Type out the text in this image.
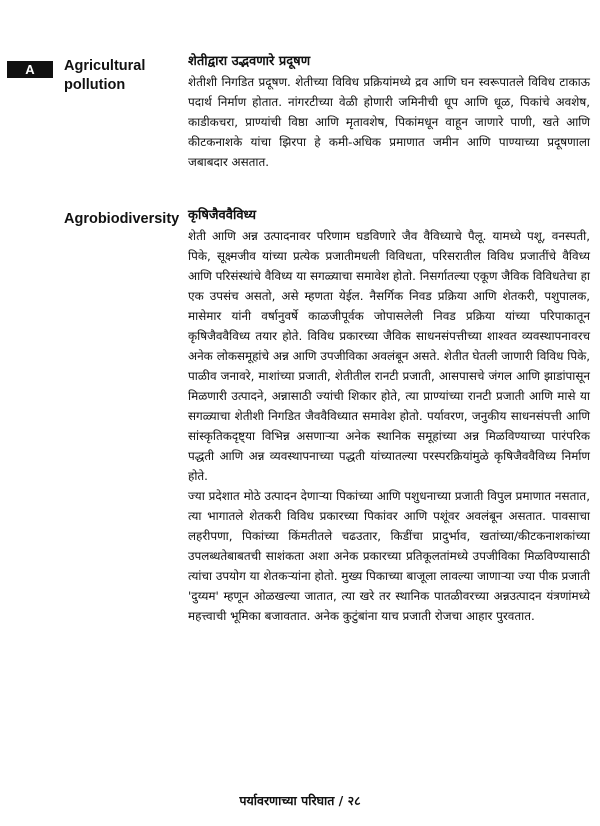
A	Agricultural pollution

शेतीद्वारा उद्भवणारे प्रदूषण

शेतीशी निगडित प्रदूषण. शेतीच्या विविध प्रक्रियांमध्ये द्रव आणि घन स्वरूपातले विविध टाकाऊ पदार्थ निर्माण होतात. नांगरटीच्या वेळी होणारी जमिनीची धूप आणि धूळ, पिकांचे अवशेष, काडीकचरा, प्राण्यांची विष्ठा आणि मृतावशेष, पिकांमधून वाहून जाणारे पाणी, खते आणि कीटकनाशके यांचा झिरपा हे कमी-अधिक प्रमाणात जमीन आणि पाण्याच्या प्रदूषणाला जबाबदार असतात.

Agrobiodiversity कृषिजैववैविध्य

शेती आणि अन्न उत्पादनावर परिणाम घडविणारे जैव वैविध्याचे पैलू. यामध्ये पशू, वनस्पती, पिके, सूक्ष्मजीव यांच्या प्रत्येक प्रजातीमधली विविधता, परिसरातील विविध प्रजातींचे वैविध्य आणि परिसंस्थांचे वैविध्य या सगळ्याचा समावेश होतो. निसर्गातल्या एकूण जैविक विविधतेचा हा एक उपसंच असतो, असे म्हणता येईल. नैसर्गिक निवड प्रक्रिया आणि शेतकरी, पशुपालक, मासेमार यांनी वर्षानुवर्षे काळजीपूर्वक जोपासलेली निवड प्रक्रिया यांच्या परिपाकातून कृषिजैववैविध्य तयार होते. विविध प्रकारच्या जैविक साधनसंपत्तीच्या शाश्वत व्यवस्थापनावरच अनेक लोकसमूहांचे अन्न आणि उपजीविका अवलंबून असते. शेतीत घेतली जाणारी विविध पिके, पाळीव जनावरे, माशांच्या प्रजाती, शेतीतील रानटी प्रजाती, आसपासचे जंगल आणि झाडांपासून मिळणारी उत्पादने, अन्नासाठी ज्यांची शिकार होते, त्या प्राण्यांच्या रानटी प्रजाती आणि मासे या सगळ्याचा शेतीशी निगडित जैववैविध्यात समावेश होतो. पर्यावरण, जनुकीय साधनसंपत्ती आणि सांस्कृतिकदृष्ट्या विभिन्न असणाऱ्या अनेक स्थानिक समूहांच्या अन्न मिळविण्याच्या पारंपरिक पद्धती आणि अन्न व्यवस्थापनाच्या पद्धती यांच्यातल्या परस्परक्रियांमुळे कृषिजैववैविध्य निर्माण होते.

ज्या प्रदेशात मोठे उत्पादन देणाऱ्या पिकांच्या आणि पशुधनाच्या प्रजाती विपुल प्रमाणात नसतात, त्या भागातले शेतकरी विविध प्रकारच्या पिकांवर आणि पशूंवर अवलंबून असतात. पावसाचा लहरीपणा, पिकांच्या किंमतीतले चढउतार, किडींचा प्रादुर्भाव, खतांच्या/कीटकनाशकांच्या उपलब्धतेबाबतची साशंकता अशा अनेक प्रकारच्या प्रतिकूलतांमध्ये उपजीविका मिळविण्यासाठी त्यांचा उपयोग या शेतकऱ्यांना होतो. मुख्य पिकाच्या बाजूला लावल्या जाणाऱ्या ज्या पीक प्रजाती 'दुय्यम' म्हणून ओळखल्या जातात, त्या खरे तर स्थानिक पातळीवरच्या अन्नउत्पादन यंत्रणांमध्ये महत्त्वाची भूमिका बजावतात. अनेक कुटुंबांना याच प्रजाती रोजचा आहार पुरवतात.

पर्यावरणाच्या परिघात / २८
